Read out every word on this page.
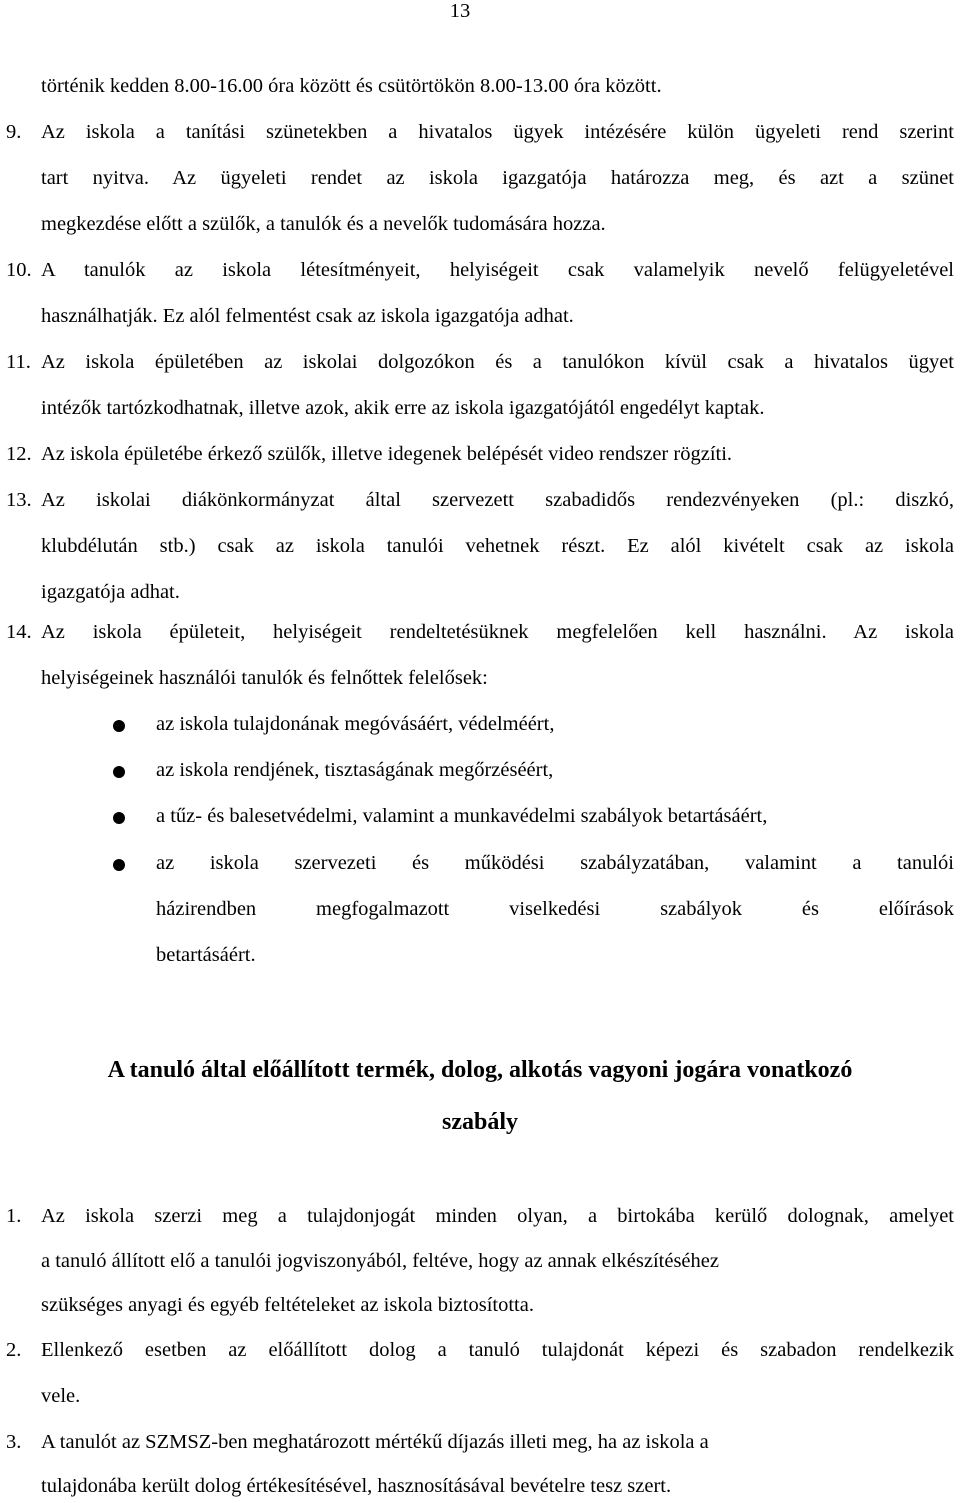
13
történik kedden 8.00-16.00 óra között és csütörtökön 8.00-13.00 óra között.
9. Az iskola a tanítási szünetekben a hivatalos ügyek intézésére külön ügyeleti rend szerint
tart nyitva. Az ügyeleti rendet az iskola igazgatója határozza meg, és azt a szünet
megkezdése előtt a szülők, a tanulók és a nevelők tudomására hozza.
10. A tanulók az iskola létesítményeit, helyiségeit csak valamelyik nevelő felügyeletével
használhatják. Ez alól felmentést csak az iskola igazgatója adhat.
11. Az iskola épületében az iskolai dolgozókon és a tanulókon kívül csak a hivatalos ügyet
intézők tartózkodhatnak, illetve azok, akik erre az iskola igazgatójától engedélyt kaptak.
12. Az iskola épületébe érkező szülők, illetve idegenek belépését video rendszer rögzíti.
13. Az iskolai diákönkormányzat által szervezett szabadidős rendezvényeken (pl.: diszkó,
klubdélután stb.) csak az iskola tanulói vehetnek részt. Ez alól kivételt csak az iskola
igazgatója adhat.
14. Az iskola épületeit, helyiségeit rendeltetésüknek megfelelően kell használni. Az iskola
helyiségeinek használói tanulók és felnőttek felelősek:
az iskola tulajdonának megóvásáért, védelméért,
az iskola rendjének, tisztaságának megőrzéséért,
a tűz- és balesetvédelmi, valamint a munkavédelmi szabályok betartásáért,
az iskola szervezeti és működési szabályzatában, valamint a tanulói
házirendben megfogalmazott viselkedési szabályok és előírások
betartásáért.
A tanuló által előállított termék, dolog, alkotás vagyoni jogára vonatkozó
szabály
1. Az iskola szerzi meg a tulajdonjogát minden olyan, a birtokába kerülő dolognak, amelyet
a tanuló állított elő a tanulói jogviszonyából, feltéve, hogy az annak elkészítéséhez
szükséges anyagi és egyéb feltételeket az iskola biztosította.
2. Ellenkező esetben az előállított dolog a tanuló tulajdonát képezi és szabadon rendelkezik
vele.
3. A tanulót az SZMSZ-ben meghatározott mértékű díjazás illeti meg, ha az iskola a
tulajdonába került dolog értékesítésével, hasznosításával bevételre tesz szert.
